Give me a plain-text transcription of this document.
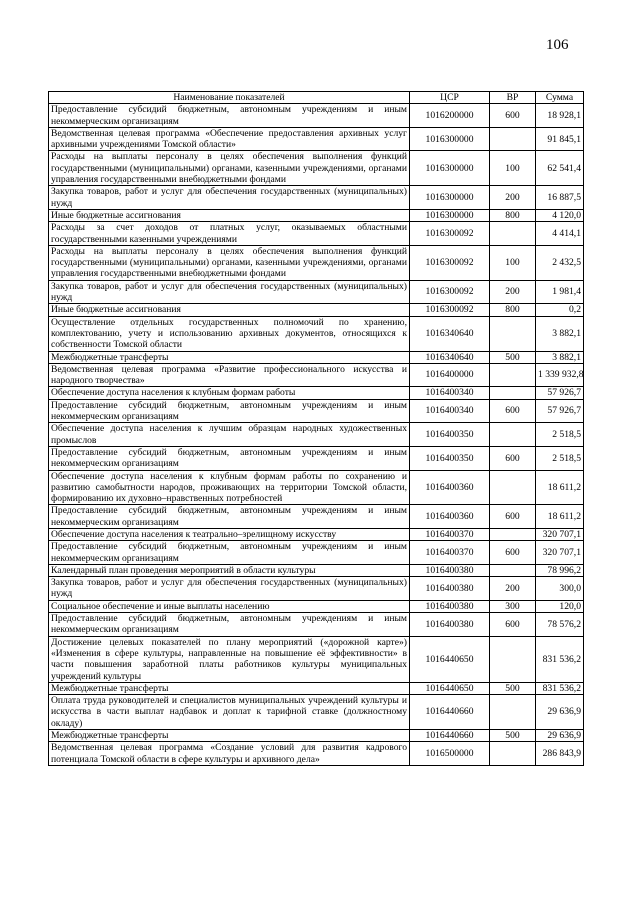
106
Наименование показателей	ЦСР	ВР	Сумма
Предоставление субсидий бюджетным, автономным учреждениям и иным некоммерческим организациям	1016200000	600	18 928,1
Ведомственная целевая программа «Обеспечение предоставления архивных услуг архивными учреждениями Томской области»	1016300000		91 845,1
Расходы на выплаты персоналу в целях обеспечения выполнения функций государственными (муниципальными) органами, казенными учреждениями, органами управления государственными внебюджетными фондами	1016300000	100	62 541,4
Закупка товаров, работ и услуг для обеспечения государственных (муниципальных) нужд	1016300000	200	16 887,5
Иные бюджетные ассигнования	1016300000	800	4 120,0
Расходы за счет доходов от платных услуг, оказываемых областными государственными казенными учреждениями	1016300092		4 414,1
Расходы на выплаты персоналу в целях обеспечения выполнения функций государственными (муниципальными) органами, казенными учреждениями, органами управления государственными внебюджетными фондами	1016300092	100	2 432,5
Закупка товаров, работ и услуг для обеспечения государственных (муниципальных) нужд	1016300092	200	1 981,4
Иные бюджетные ассигнования	1016300092	800	0,2
Осуществление отдельных государственных полномочий по хранению, комплектованию, учету и использованию архивных документов, относящихся к собственности Томской области	1016340640		3 882,1
Межбюджетные трансферты	1016340640	500	3 882,1
Ведомственная целевая программа «Развитие профессионального искусства и народного творчества»	1016400000		1 339 932,8
Обеспечение доступа населения к клубным формам работы	1016400340		57 926,7
Предоставление субсидий бюджетным, автономным учреждениям и иным некоммерческим организациям	1016400340	600	57 926,7
Обеспечение доступа населения к лучшим образцам народных художественных промыслов	1016400350		2 518,5
Предоставление субсидий бюджетным, автономным учреждениям и иным некоммерческим организациям	1016400350	600	2 518,5
Обеспечение доступа населения к клубным формам работы по сохранению и развитию самобытности народов, проживающих на территории Томской области, формированию их духовно–нравственных потребностей	1016400360		18 611,2
Предоставление субсидий бюджетным, автономным учреждениям и иным некоммерческим организациям	1016400360	600	18 611,2
Обеспечение доступа населения к театрально–зрелищному искусству	1016400370		320 707,1
Предоставление субсидий бюджетным, автономным учреждениям и иным некоммерческим организациям	1016400370	600	320 707,1
Календарный план проведения мероприятий в области культуры	1016400380		78 996,2
Закупка товаров, работ и услуг для обеспечения государственных (муниципальных) нужд	1016400380	200	300,0
Социальное обеспечение и иные выплаты населению	1016400380	300	120,0
Предоставление субсидий бюджетным, автономным учреждениям и иным некоммерческим организациям	1016400380	600	78 576,2
Достижение целевых показателей по плану мероприятий («дорожной карте») «Изменения в сфере культуры, направленные на повышение её эффективности» в части повышения заработной платы работников культуры муниципальных учреждений культуры	1016440650		831 536,2
Межбюджетные трансферты	1016440650	500	831 536,2
Оплата труда руководителей и специалистов муниципальных учреждений культуры и искусства в части выплат надбавок и доплат к тарифной ставке (должностному окладу)	1016440660		29 636,9
Межбюджетные трансферты	1016440660	500	29 636,9
Ведомственная целевая программа «Создание условий для развития кадрового потенциала Томской области в сфере культуры и архивного дела»	1016500000		286 843,9
